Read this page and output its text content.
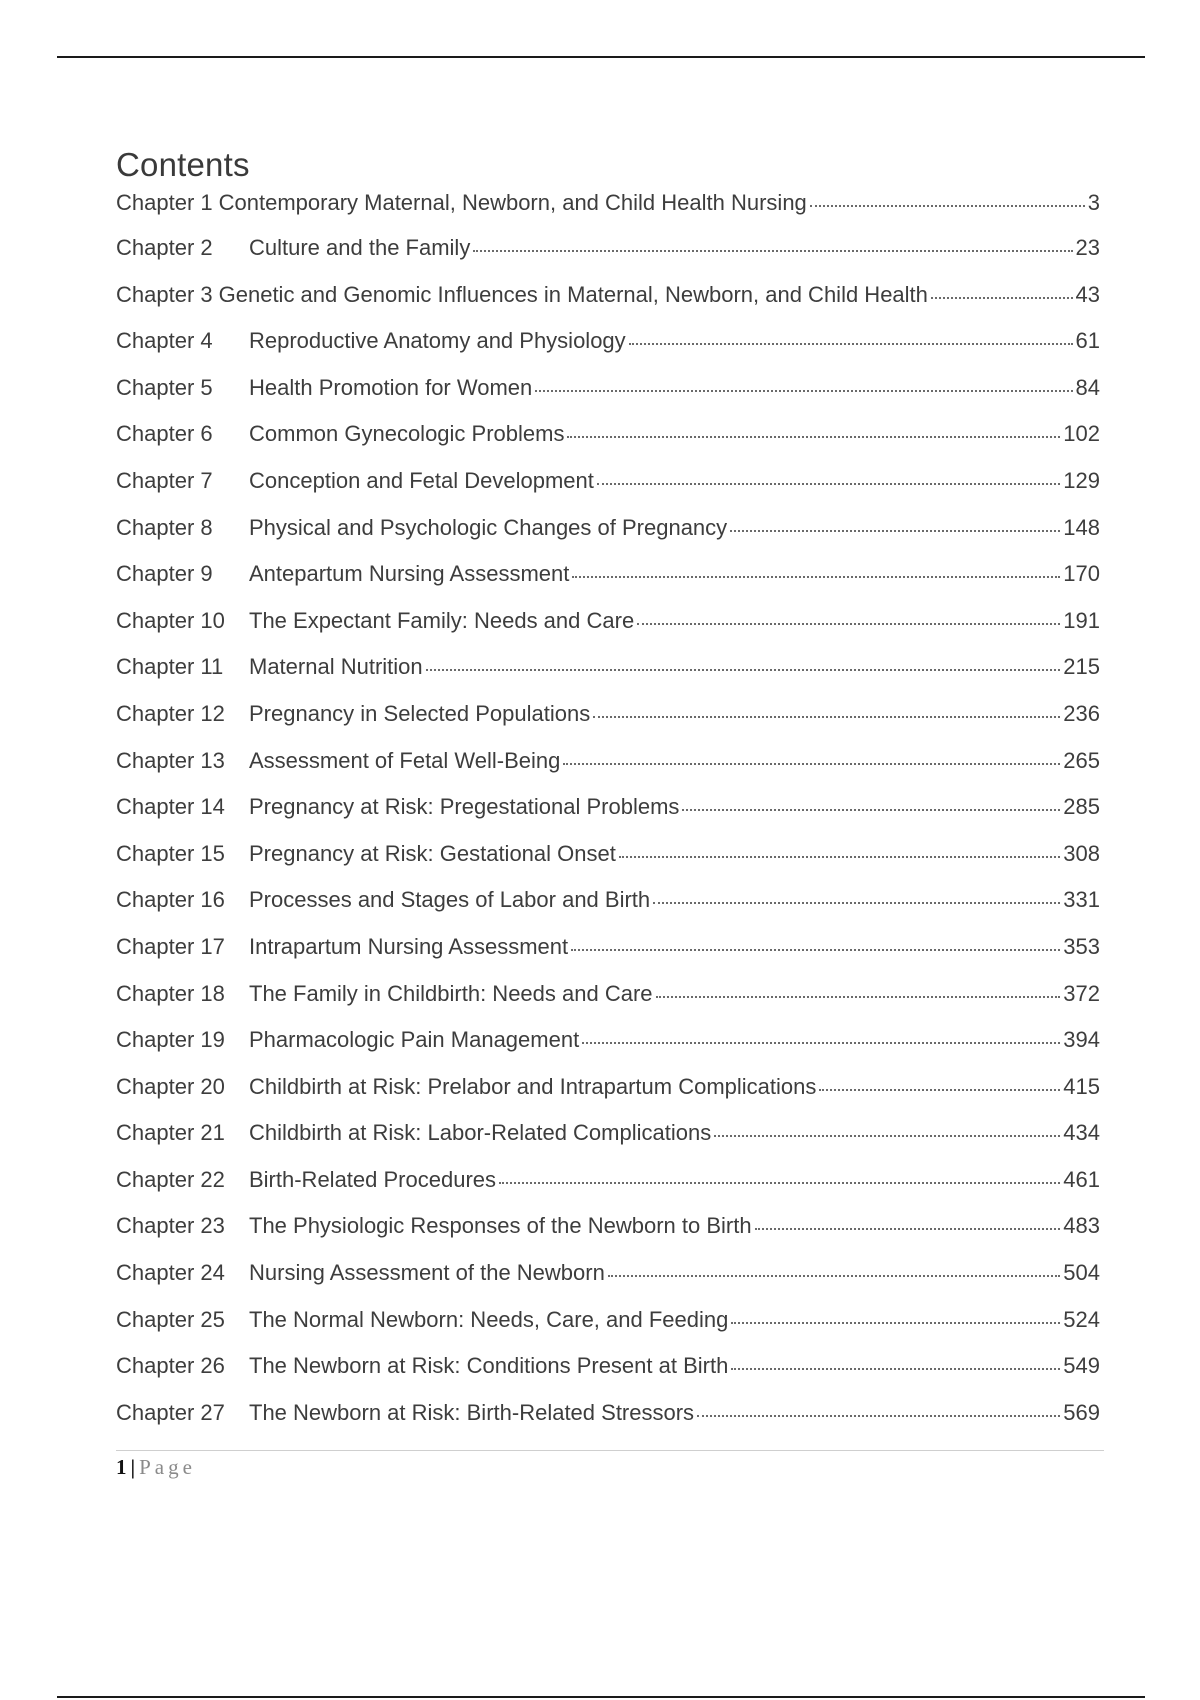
Contents
Chapter 1 Contemporary Maternal, Newborn, and Child Health Nursing	3
Chapter 2	Culture and the Family	23
Chapter 3 Genetic and Genomic Influences in Maternal, Newborn, and Child Health	43
Chapter 4	Reproductive Anatomy and Physiology	61
Chapter 5	Health Promotion for Women	84
Chapter 6	Common Gynecologic Problems	102
Chapter 7	Conception and Fetal Development	129
Chapter 8	Physical and Psychologic Changes of Pregnancy	148
Chapter 9	Antepartum Nursing Assessment	170
Chapter 10	The Expectant Family: Needs and Care	191
Chapter 11	Maternal Nutrition	215
Chapter 12	Pregnancy in Selected Populations	236
Chapter 13	Assessment of Fetal Well-Being	265
Chapter 14	Pregnancy at Risk: Pregestational Problems	285
Chapter 15	Pregnancy at Risk: Gestational Onset	308
Chapter 16	Processes and Stages of Labor and Birth	331
Chapter 17	Intrapartum Nursing Assessment	353
Chapter 18	The Family in Childbirth: Needs and Care	372
Chapter 19	Pharmacologic Pain Management	394
Chapter 20	Childbirth at Risk: Prelabor and Intrapartum Complications	415
Chapter 21	Childbirth at Risk: Labor-Related Complications	434
Chapter 22	Birth-Related Procedures	461
Chapter 23	The Physiologic Responses of the Newborn to Birth	483
Chapter 24	Nursing Assessment of the Newborn	504
Chapter 25	The Normal Newborn: Needs, Care, and Feeding	524
Chapter 26	The Newborn at Risk: Conditions Present at Birth	549
Chapter 27	The Newborn at Risk: Birth-Related Stressors	569
1 | Page
